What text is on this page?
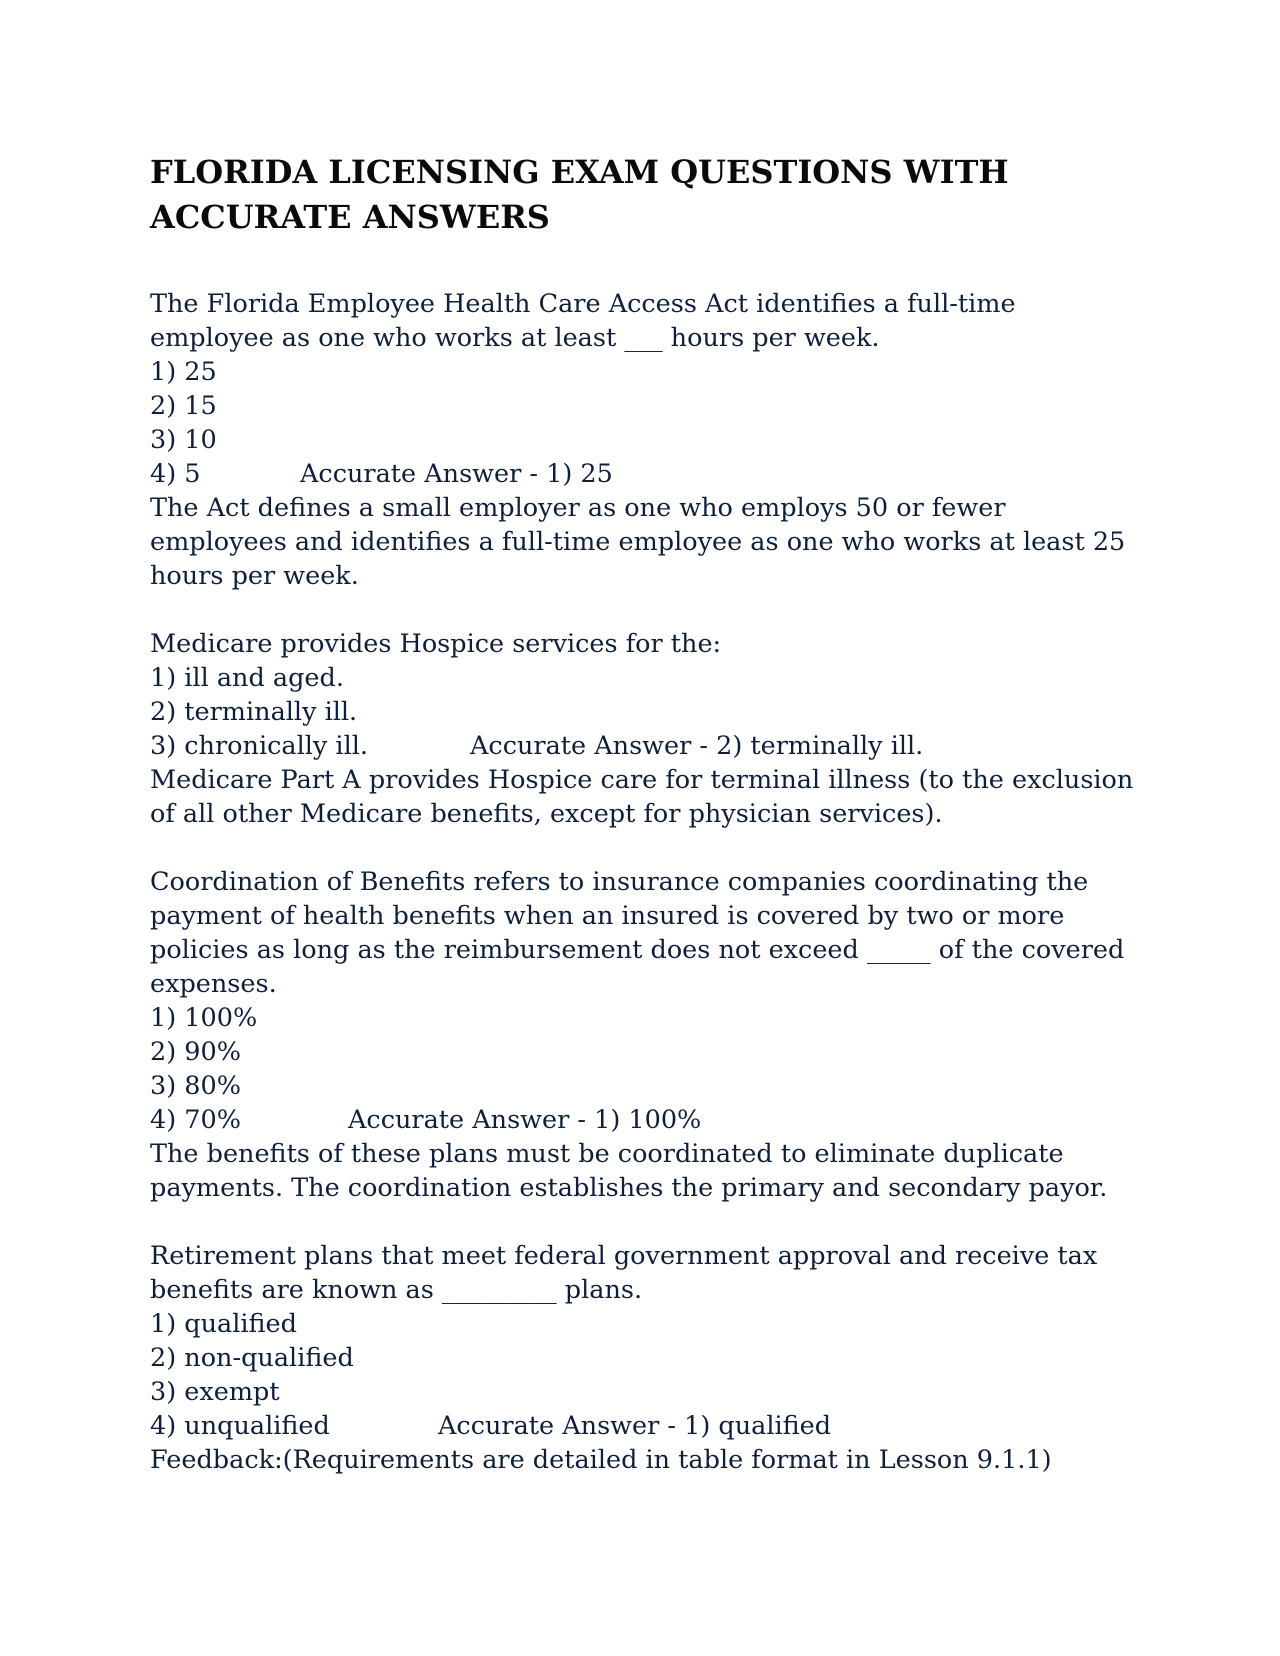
FLORIDA LICENSING EXAM QUESTIONS WITH
ACCURATE ANSWERS
The Florida Employee Health Care Access Act identifies a full-time
employee as one who works at least ___ hours per week.
1) 25
2) 15
3) 10
4) 5	Accurate Answer - 1) 25
The Act defines a small employer as one who employs 50 or fewer
employees and identifies a full-time employee as one who works at least 25
hours per week.
Medicare provides Hospice services for the:
1) ill and aged.
2) terminally ill.
3) chronically ill.	Accurate Answer - 2) terminally ill.
Medicare Part A provides Hospice care for terminal illness (to the exclusion
of all other Medicare benefits, except for physician services).
Coordination of Benefits refers to insurance companies coordinating the
payment of health benefits when an insured is covered by two or more
policies as long as the reimbursement does not exceed _____ of the covered
expenses.
1) 100%
2) 90%
3) 80%
4) 70%	Accurate Answer - 1) 100%
The benefits of these plans must be coordinated to eliminate duplicate
payments. The coordination establishes the primary and secondary payor.
Retirement plans that meet federal government approval and receive tax
benefits are known as _________ plans.
1) qualified
2) non-qualified
3) exempt
4) unqualified	Accurate Answer - 1) qualified
Feedback:(Requirements are detailed in table format in Lesson 9.1.1)
